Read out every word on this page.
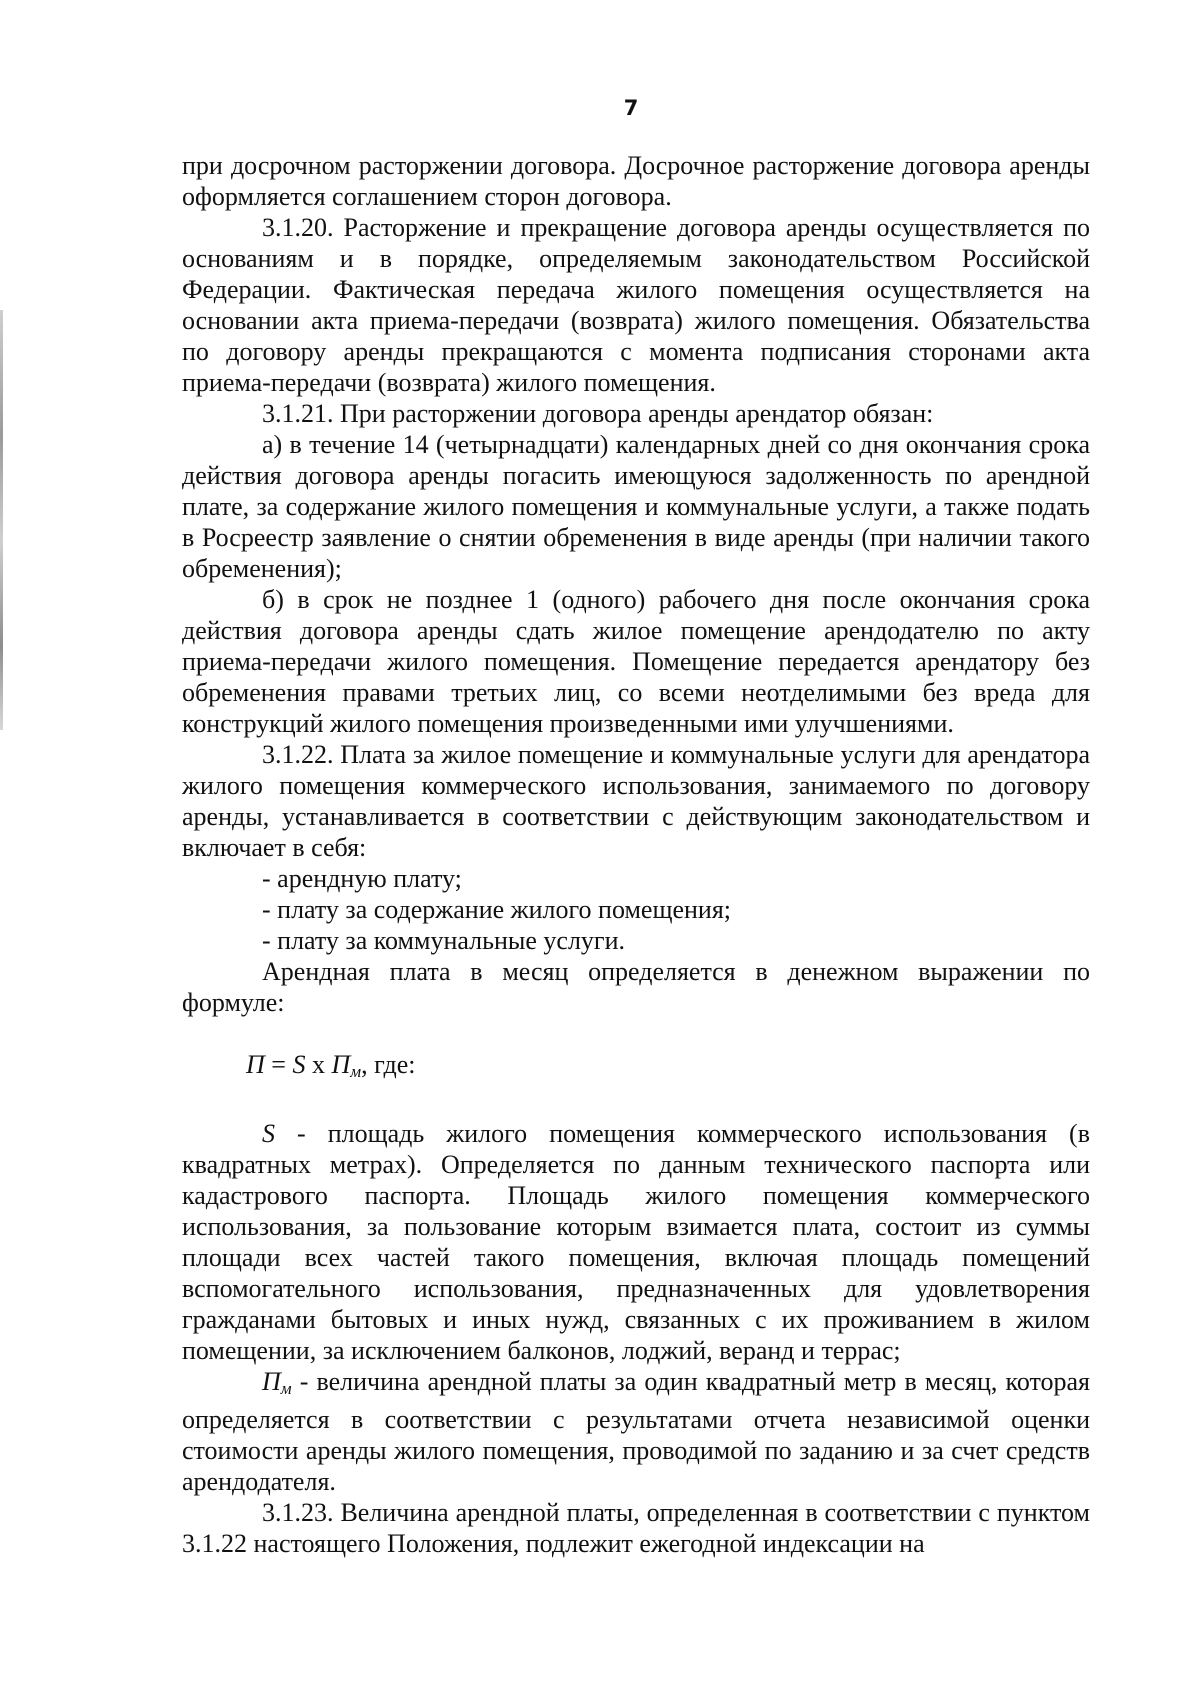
7

при досрочном расторжении договора. Досрочное расторжение договора аренды оформляется соглашением сторон договора.

3.1.20. Расторжение и прекращение договора аренды осуществляется по основаниям и в порядке, определяемым законодательством Российской Федерации. Фактическая передача жилого помещения осуществляется на основании акта приема-передачи (возврата) жилого помещения. Обязательства по договору аренды прекращаются с момента подписания сторонами акта приема-передачи (возврата) жилого помещения.

3.1.21. При расторжении договора аренды арендатор обязан:

а) в течение 14 (четырнадцати) календарных дней со дня окончания срока действия договора аренды погасить имеющуюся задолженность по арендной плате, за содержание жилого помещения и коммунальные услуги, а также подать в Росреестр заявление о снятии обременения в виде аренды (при наличии такого обременения);

б) в срок не позднее 1 (одного) рабочего дня после окончания срока действия договора аренды сдать жилое помещение арендодателю по акту приема-передачи жилого помещения. Помещение передается арендатору без обременения правами третьих лиц, со всеми неотделимыми без вреда для конструкций жилого помещения произведенными ими улучшениями.

3.1.22. Плата за жилое помещение и коммунальные услуги для арендатора жилого помещения коммерческого использования, занимаемого по договору аренды, устанавливается в соответствии с действующим законодательством и включает в себя:

- арендную плату;

- плату за содержание жилого помещения;

- плату за коммунальные услуги.

Арендная плата в месяц определяется в денежном выражении по формуле:

П = S x $П_м$, где:

S - площадь жилого помещения коммерческого использования (в квадратных метрах). Определяется по данным технического паспорта или кадастрового паспорта. Площадь жилого помещения коммерческого использования, за пользование которым взимается плата, состоит из суммы площади всех частей такого помещения, включая площадь помещений вспомогательного использования, предназначенных для удовлетворения гражданами бытовых и иных нужд, связанных с их проживанием в жилом помещении, за исключением балконов, лоджий, веранд и террас;

$П_м$ - величина арендной платы за один квадратный метр в месяц, которая определяется в соответствии с результатами отчета независимой оценки стоимости аренды жилого помещения, проводимой по заданию и за счет средств арендодателя.

3.1.23. Величина арендной платы, определенная в соответствии с пунктом 3.1.22 настоящего Положения, подлежит ежегодной индексации на
